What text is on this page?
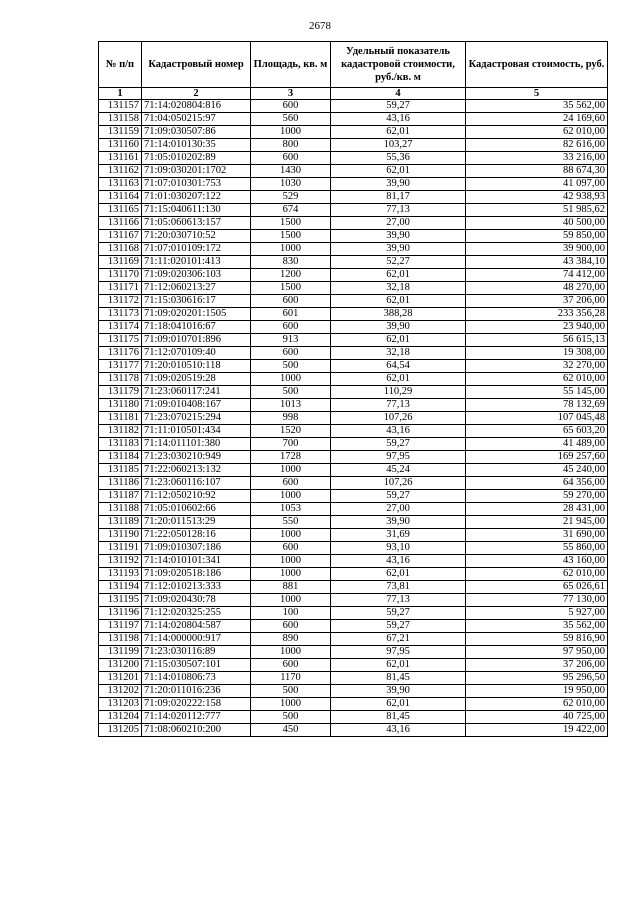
2678
№ п/п	Кадастровый номер	Площадь, кв. м	Удельный показатель кадастровой стоимости, руб./кв. м	Кадастровая стоимость, руб.
1	2	3	4	5
131157	71:14:020804:816	600	59,27	35 562,00
131158	71:04:050215:97	560	43,16	24 169,60
131159	71:09:030507:86	1000	62,01	62 010,00
131160	71:14:010130:35	800	103,27	82 616,00
131161	71:05:010202:89	600	55,36	33 216,00
131162	71:09:030201:1702	1430	62,01	88 674,30
131163	71:07:010301:753	1030	39,90	41 097,00
131164	71:01:030207:122	529	81,17	42 938,93
131165	71:15:040611:130	674	77,13	51 985,62
131166	71:05:060613:157	1500	27,00	40 500,00
131167	71:20:030710:52	1500	39,90	59 850,00
131168	71:07:010109:172	1000	39,90	39 900,00
131169	71:11:020101:413	830	52,27	43 384,10
131170	71:09:020306:103	1200	62,01	74 412,00
131171	71:12:060213:27	1500	32,18	48 270,00
131172	71:15:030616:17	600	62,01	37 206,00
131173	71:09:020201:1505	601	388,28	233 356,28
131174	71:18:041016:67	600	39,90	23 940,00
131175	71:09:010701:896	913	62,01	56 615,13
131176	71:12:070109:40	600	32,18	19 308,00
131177	71:20:010510:118	500	64,54	32 270,00
131178	71:09:020519:28	1000	62,01	62 010,00
131179	71:23:060117:241	500	110,29	55 145,00
131180	71:09:010408:167	1013	77,13	78 132,69
131181	71:23:070215:294	998	107,26	107 045,48
131182	71:11:010501:434	1520	43,16	65 603,20
131183	71:14:011101:380	700	59,27	41 489,00
131184	71:23:030210:949	1728	97,95	169 257,60
131185	71:22:060213:132	1000	45,24	45 240,00
131186	71:23:060116:107	600	107,26	64 356,00
131187	71:12:050210:92	1000	59,27	59 270,00
131188	71:05:010602:66	1053	27,00	28 431,00
131189	71:20:011513:29	550	39,90	21 945,00
131190	71:22:050128:16	1000	31,69	31 690,00
131191	71:09:010307:186	600	93,10	55 860,00
131192	71:14:010101:341	1000	43,16	43 160,00
131193	71:09:020518:186	1000	62,01	62 010,00
131194	71:12:010213:333	881	73,81	65 026,61
131195	71:09:020430:78	1000	77,13	77 130,00
131196	71:12:020325:255	100	59,27	5 927,00
131197	71:14:020804:587	600	59,27	35 562,00
131198	71:14:000000:917	890	67,21	59 816,90
131199	71:23:030116:89	1000	97,95	97 950,00
131200	71:15:030507:101	600	62,01	37 206,00
131201	71:14:010806:73	1170	81,45	95 296,50
131202	71:20:011016:236	500	39,90	19 950,00
131203	71:09:020222:158	1000	62,01	62 010,00
131204	71:14:020112:777	500	81,45	40 725,00
131205	71:08:060210:200	450	43,16	19 422,00
